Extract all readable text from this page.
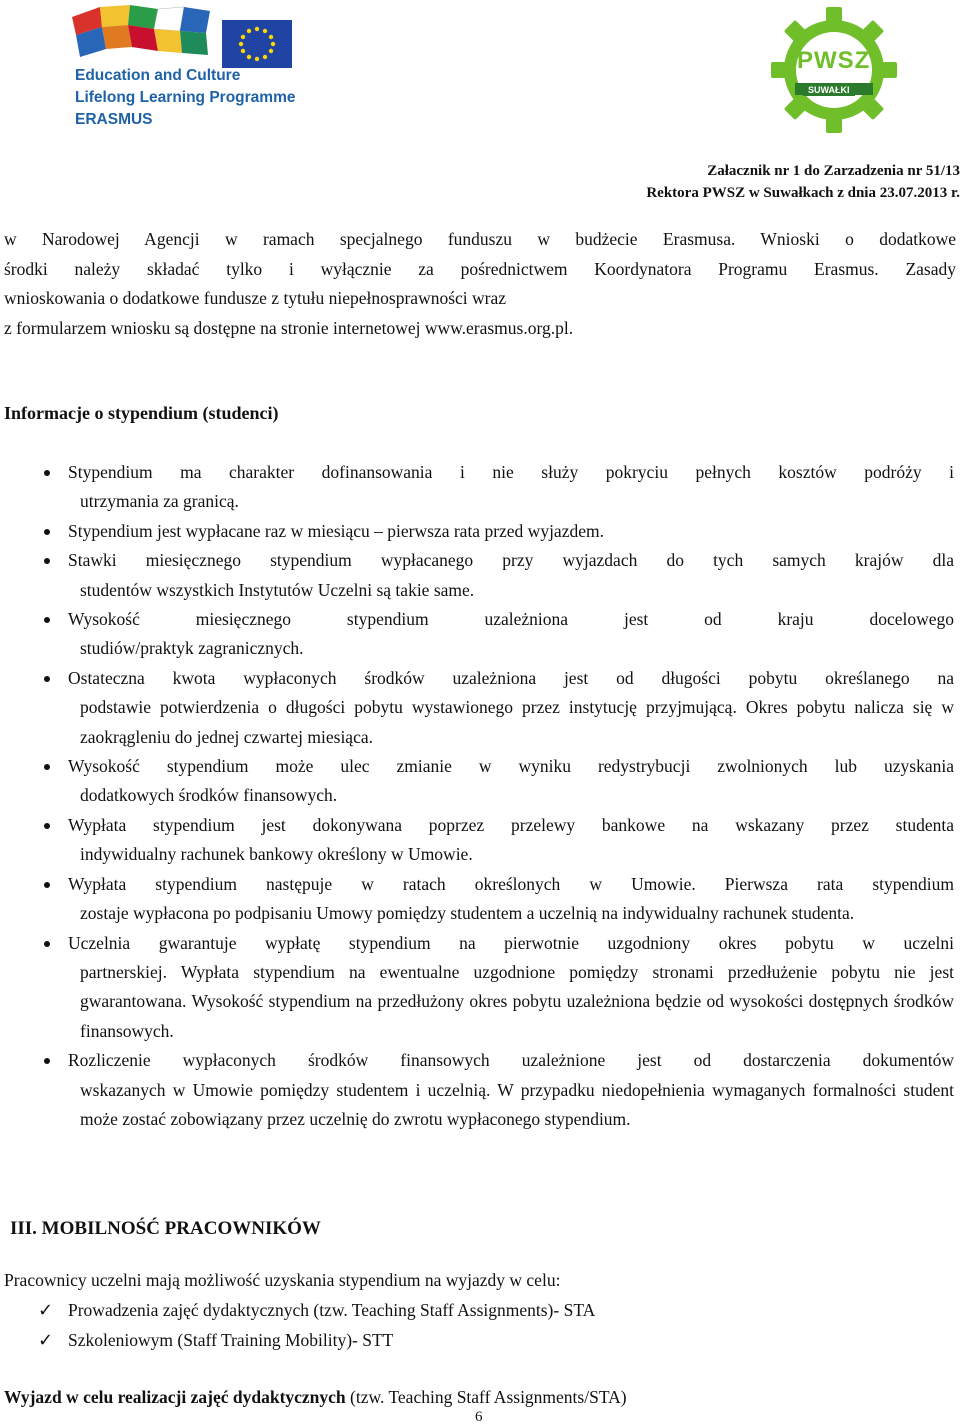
Education and Culture
Lifelong Learning Programme
ERASMUS
PWSZ
SUWAŁKI
Załacznik nr 1 do Zarzadzenia nr 51/13
Rektora PWSZ w Suwałkach z dnia 23.07.2013 r.
w Narodowej Agencji w ramach specjalnego funduszu w budżecie Erasmusa. Wnioski o dodatkowe
środki należy składać tylko i wyłącznie za pośrednictwem Koordynatora Programu Erasmus. Zasady
wnioskowania o dodatkowe fundusze z tytułu niepełnosprawności wraz
z formularzem wniosku są dostępne na stronie internetowej www.erasmus.org.pl.
Informacje o stypendium (studenci)
Stypendium ma charakter dofinansowania i nie służy pokryciu pełnych kosztów podróży i
utrzymania za granicą.
Stypendium jest wypłacane raz w miesiącu – pierwsza rata przed wyjazdem.
Stawki miesięcznego stypendium wypłacanego przy wyjazdach do tych samych krajów dla
studentów wszystkich Instytutów Uczelni są takie same.
Wysokość miesięcznego stypendium uzależniona jest od kraju docelowego
studiów/praktyk zagranicznych.
Ostateczna kwota wypłaconych środków uzależniona jest od długości pobytu określanego na
podstawie potwierdzenia o długości pobytu wystawionego przez instytucję przyjmującą. Okres pobytu nalicza się w zaokrągleniu do jednej czwartej miesiąca.
Wysokość stypendium może ulec zmianie w wyniku redystrybucji zwolnionych lub uzyskania
dodatkowych środków finansowych.
Wypłata stypendium jest dokonywana poprzez przelewy bankowe na wskazany przez studenta
indywidualny rachunek bankowy określony w Umowie.
Wypłata stypendium następuje w ratach określonych w Umowie. Pierwsza rata stypendium
zostaje wypłacona po podpisaniu Umowy pomiędzy studentem a uczelnią na indywidualny rachunek studenta.
Uczelnia gwarantuje wypłatę stypendium na pierwotnie uzgodniony okres pobytu w uczelni
partnerskiej. Wypłata stypendium na ewentualne uzgodnione pomiędzy stronami przedłużenie pobytu nie jest gwarantowana. Wysokość stypendium na przedłużony okres pobytu uzależniona będzie od wysokości dostępnych środków finansowych.
Rozliczenie wypłaconych środków finansowych uzależnione jest od dostarczenia dokumentów
wskazanych w Umowie pomiędzy studentem i uczelnią. W przypadku niedopełnienia wymaganych formalności student może zostać zobowiązany przez uczelnię do zwrotu wypłaconego stypendium.
III. MOBILNOŚĆ PRACOWNIKÓW
Pracownicy uczelni mają możliwość uzyskania stypendium na wyjazdy w celu:
✓ Prowadzenia zajęć dydaktycznych (tzw. Teaching Staff Assignments)- STA
✓ Szkoleniowym (Staff Training Mobility)- STT
Wyjazd w celu realizacji zajęć dydaktycznych (tzw. Teaching Staff Assignments/STA)
6
